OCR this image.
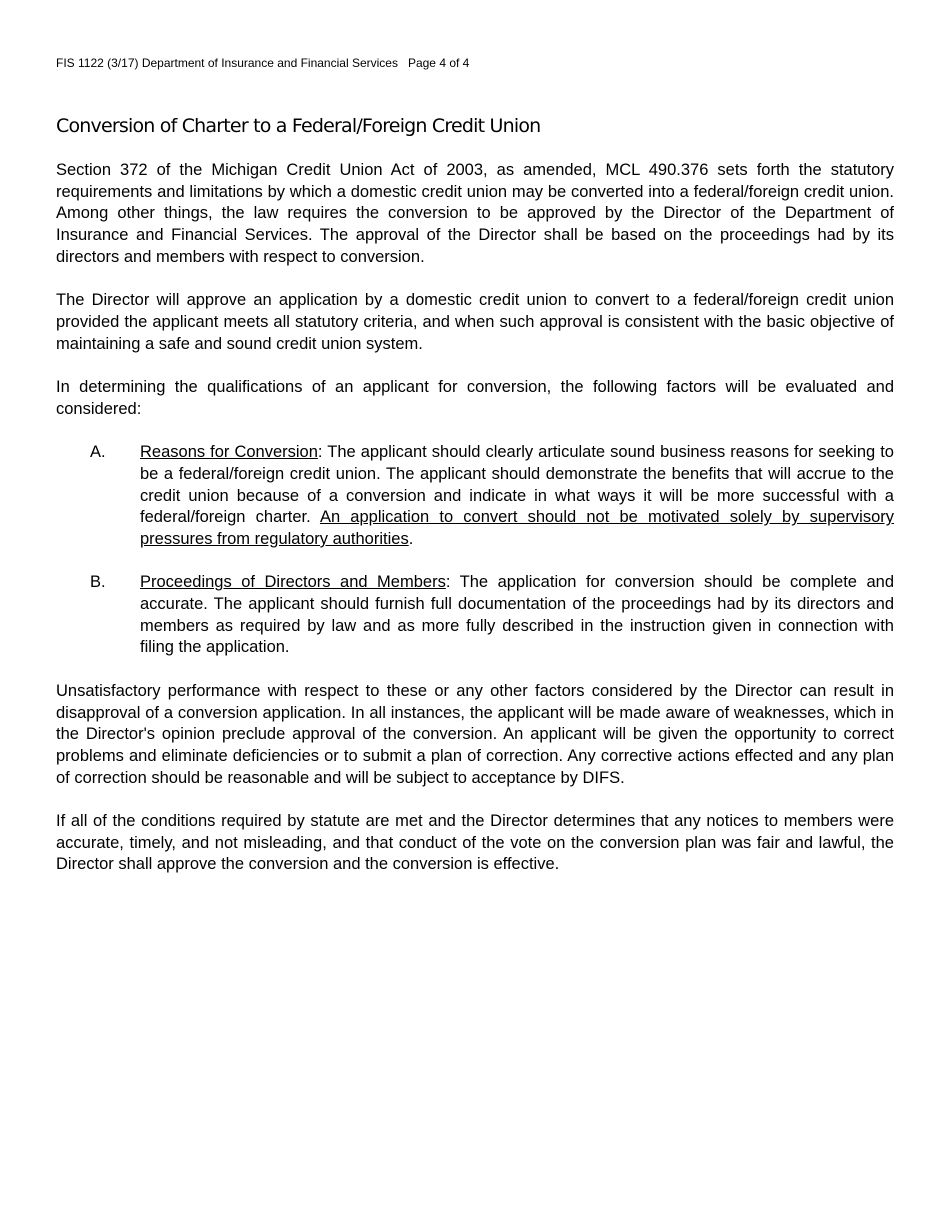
FIS 1122 (3/17) Department of Insurance and Financial Services   Page 4 of 4

Conversion of Charter to a Federal/Foreign Credit Union

Section 372 of the Michigan Credit Union Act of 2003, as amended, MCL 490.376 sets forth the statutory requirements and limitations by which a domestic credit union may be converted into a federal/foreign credit union. Among other things, the law requires the conversion to be approved by the Director of the Department of Insurance and Financial Services. The approval of the Director shall be based on the proceedings had by its directors and members with respect to conversion.

The Director will approve an application by a domestic credit union to convert to a federal/foreign credit union provided the applicant meets all statutory criteria, and when such approval is consistent with the basic objective of maintaining a safe and sound credit union system.

In determining the qualifications of an applicant for conversion, the following factors will be evaluated and considered:

A.	Reasons for Conversion: The applicant should clearly articulate sound business reasons for seeking to be a federal/foreign credit union. The applicant should demonstrate the benefits that will accrue to the credit union because of a conversion and indicate in what ways it will be more successful with a federal/foreign charter. An application to convert should not be motivated solely by supervisory pressures from regulatory authorities.
B.	Proceedings of Directors and Members: The application for conversion should be complete and accurate. The applicant should furnish full documentation of the proceedings had by its directors and members as required by law and as more fully described in the instruction given in connection with filing the application.

Unsatisfactory performance with respect to these or any other factors considered by the Director can result in disapproval of a conversion application. In all instances, the applicant will be made aware of weaknesses, which in the Director's opinion preclude approval of the conversion. An applicant will be given the opportunity to correct problems and eliminate deficiencies or to submit a plan of correction. Any corrective actions effected and any plan of correction should be reasonable and will be subject to acceptance by DIFS.

If all of the conditions required by statute are met and the Director determines that any notices to members were accurate, timely, and not misleading, and that conduct of the vote on the conversion plan was fair and lawful, the Director shall approve the conversion and the conversion is effective.
